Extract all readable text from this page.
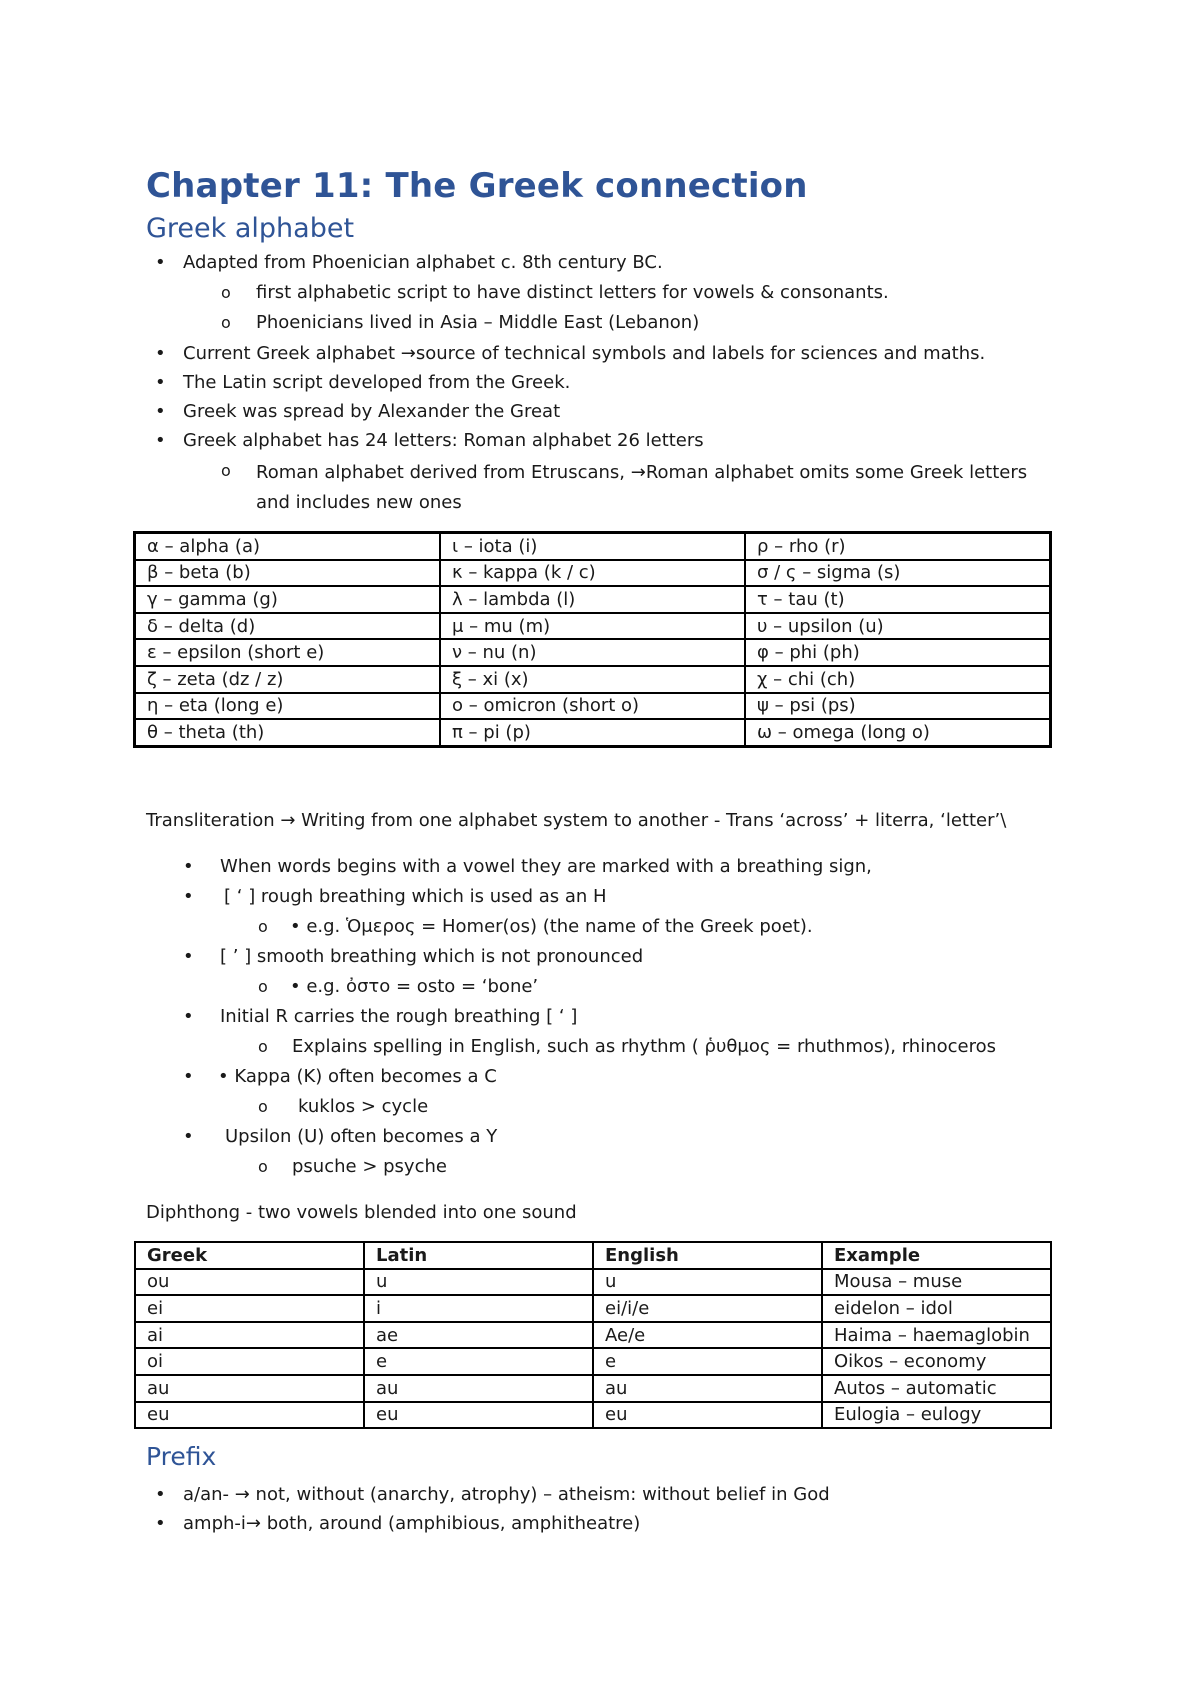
Chapter 11: The Greek connection
Greek alphabet
• Adapted from Phoenician alphabet c. 8th century BC.
o first alphabetic script to have distinct letters for vowels & consonants.
o Phoenicians lived in Asia – Middle East (Lebanon)
• Current Greek alphabet →source of technical symbols and labels for sciences and maths.
• The Latin script developed from the Greek.
• Greek was spread by Alexander the Great
• Greek alphabet has 24 letters: Roman alphabet 26 letters
o Roman alphabet derived from Etruscans, →Roman alphabet omits some Greek letters and includes new ones
α – alpha (a)	ι – iota (i)	ρ – rho (r)
β – beta (b)	κ – kappa (k / c)	σ / ς – sigma (s)
γ – gamma (g)	λ – lambda (l)	τ – tau (t)
δ – delta (d)	μ – mu (m)	υ – upsilon (u)
ε – epsilon (short e)	ν – nu (n)	φ – phi (ph)
ζ – zeta (dz / z)	ξ – xi (x)	χ – chi (ch)
η – eta (long e)	ο – omicron (short o)	ψ – psi (ps)
θ – theta (th)	π – pi (p)	ω – omega (long o)
Transliteration → Writing from one alphabet system to another - Trans ‘across’ + literra, ‘letter’\
• When words begins with a vowel they are marked with a breathing sign,
• [ ‘ ] rough breathing which is used as an H
o • e.g. Ὁμερος = Homer(os) (the name of the Greek poet).
• [ ’ ] smooth breathing which is not pronounced
o • e.g. ὀστο = osto = ‘bone’
• Initial R carries the rough breathing [ ‘ ]
o Explains spelling in English, such as rhythm ( ῥυθμος = rhuthmos), rhinoceros
• • Kappa (K) often becomes a C
o kuklos > cycle
• Upsilon (U) often becomes a Y
o psuche > psyche
Diphthong - two vowels blended into one sound
Greek	Latin	English	Example
ou	u	u	Mousa – muse
ei	i	ei/i/e	eidelon – idol
ai	ae	Ae/e	Haima – haemaglobin
oi	e	e	Oikos – economy
au	au	au	Autos – automatic
eu	eu	eu	Eulogia – eulogy
Prefix
• a/an- → not, without (anarchy, atrophy) – atheism: without belief in God
• amph-i→ both, around (amphibious, amphitheatre)
